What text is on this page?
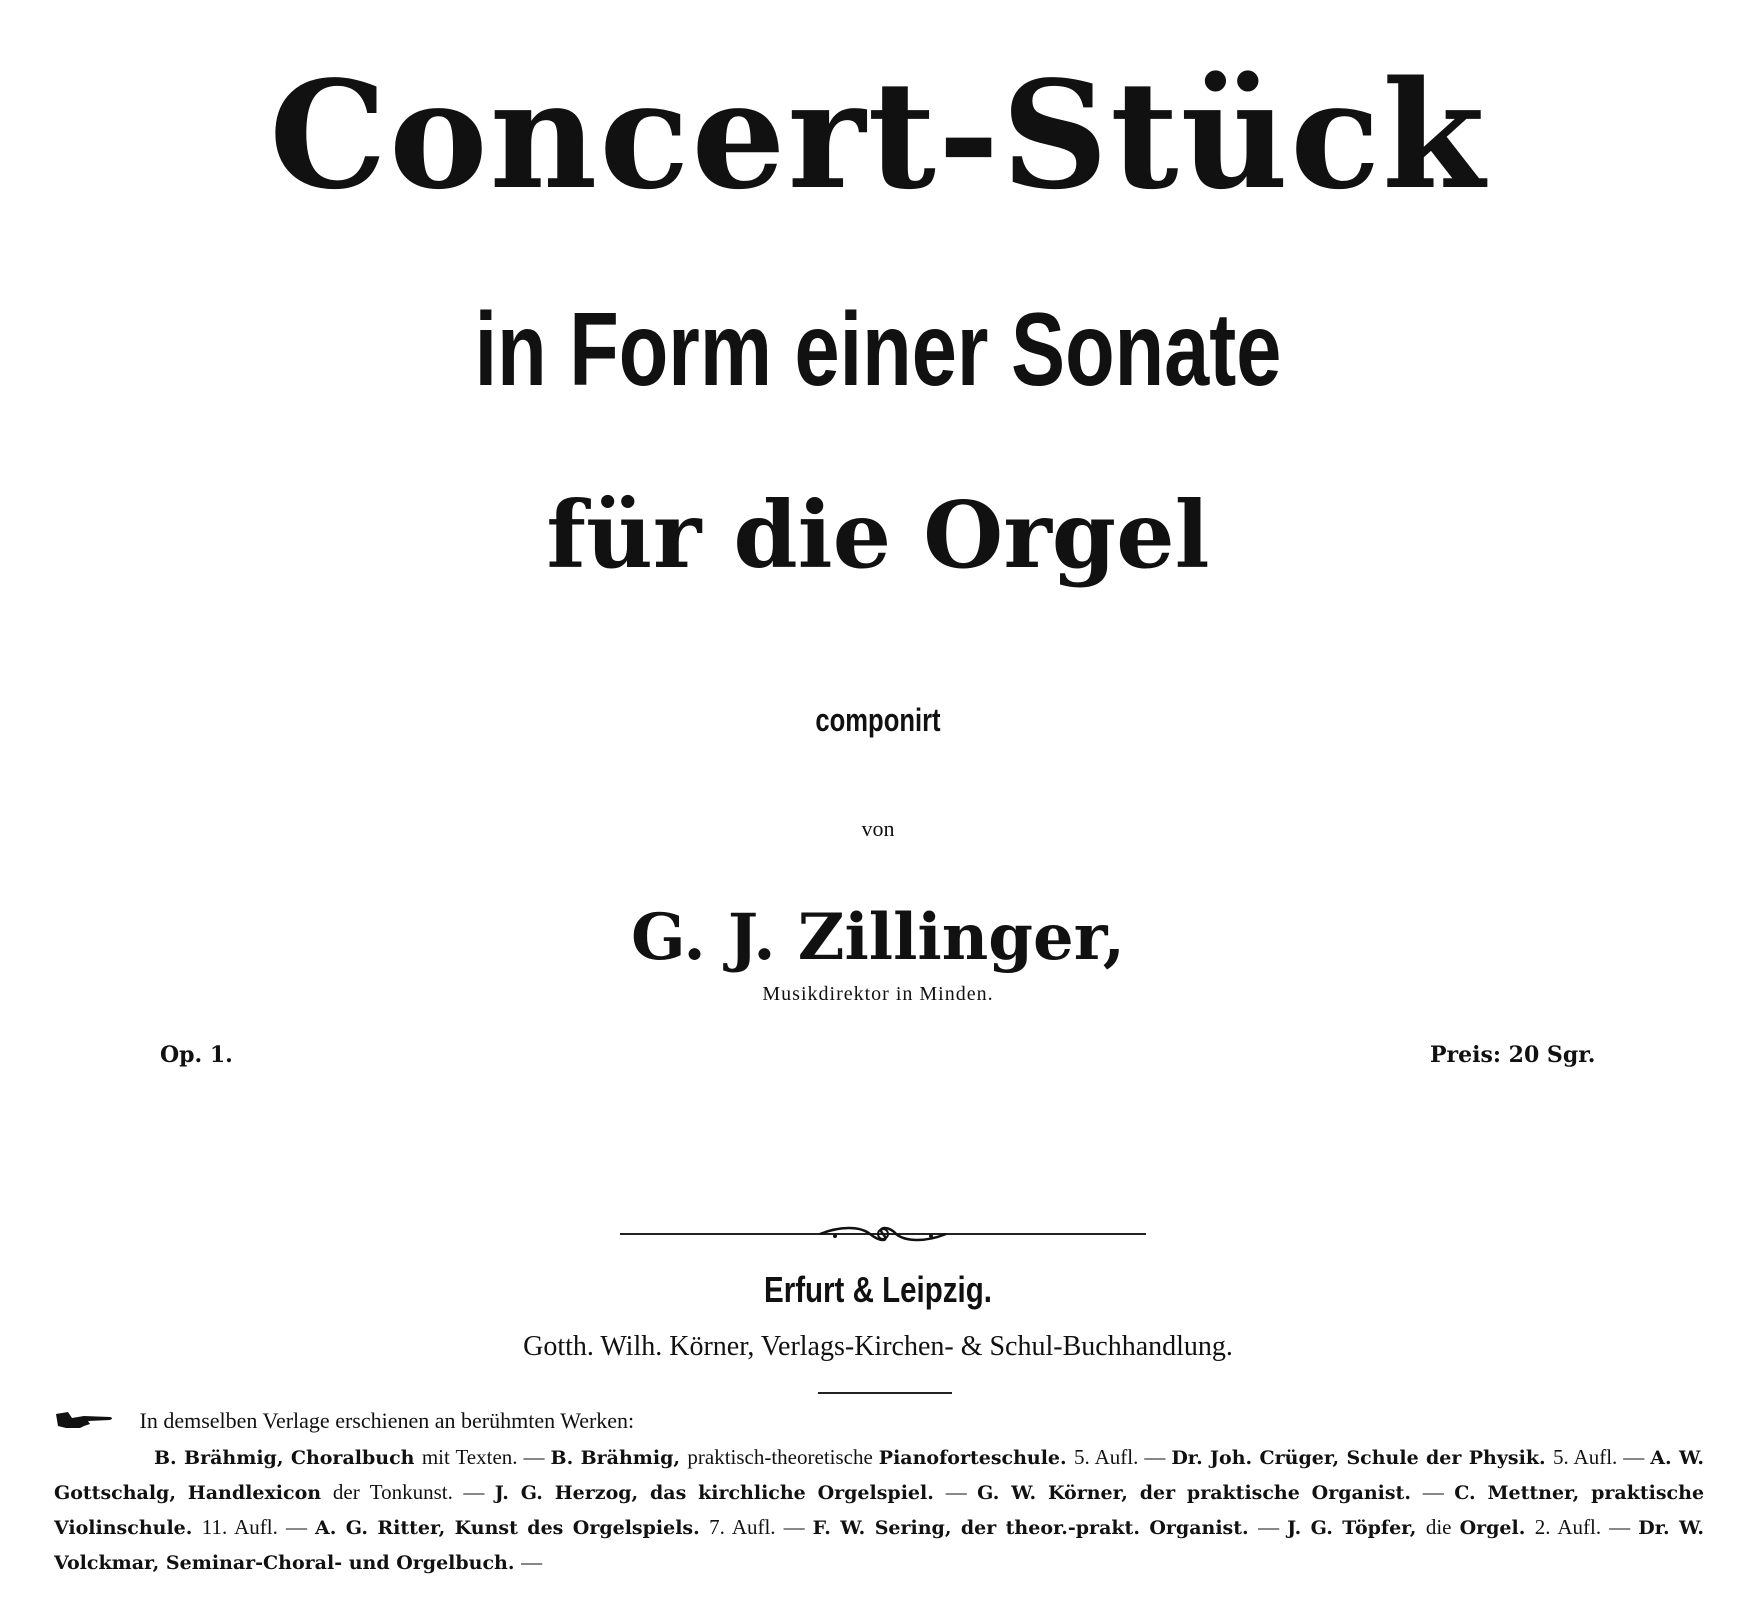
Concert-Stück
in Form einer Sonate
für die Orgel
componirt
von
G. J. Zillinger,
Musikdirektor in Minden.
Op. 1.	Preis: 20 Sgr.
Erfurt & Leipzig.
Gotth. Wilh. Körner, Verlags-Kirchen- & Schul-Buchhandlung.
In demselben Verlage erschienen an berühmten Werken:
B. Brähmig, Choralbuch mit Texten. — B. Brähmig, praktisch-theoretische Pianoforteschule. 5. Aufl. — Dr. Joh. Crüger, Schule der Physik. 5. Aufl. — A. W. Gottschalg, Handlexicon der Tonkunst. — J. G. Herzog, das kirchliche Orgelspiel. — G. W. Körner, der praktische Organist. — C. Mettner, praktische Violinschule. 11. Aufl. — A. G. Ritter, Kunst des Orgelspiels. 7. Aufl. — F. W. Sering, der theor.-prakt. Organist. — J. G. Töpfer, die Orgel. 2. Aufl. — Dr. W. Volckmar, Seminar-Choral- und Orgelbuch. —
